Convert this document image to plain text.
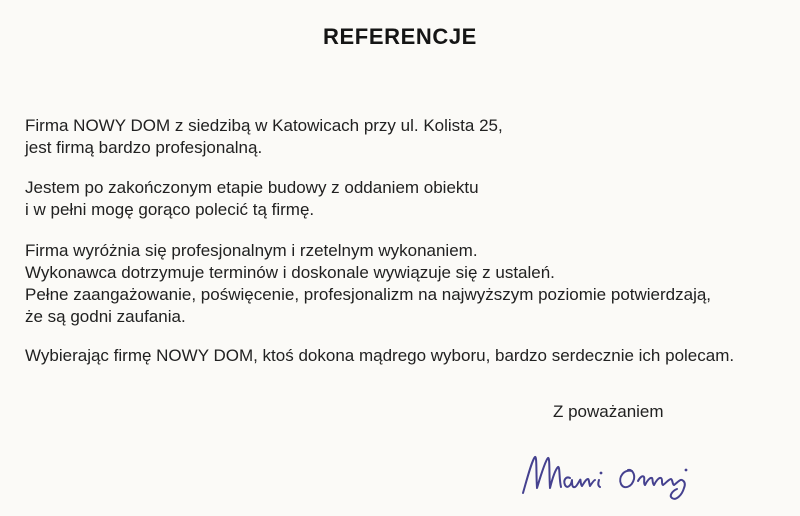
REFERENCJE
Firma NOWY DOM z siedzibą w Katowicach przy ul. Kolista 25,
jest firmą bardzo profesjonalną.
Jestem po zakończonym etapie budowy z oddaniem obiektu
i w pełni mogę gorąco polecić tą firmę.
Firma wyróżnia się profesjonalnym i rzetelnym wykonaniem.
Wykonawca dotrzymuje terminów i doskonale wywiązuje się z ustaleń.
Pełne zaangażowanie, poświęcenie, profesjonalizm na najwyższym poziomie potwierdzają,
że są godni zaufania.
Wybierając firmę NOWY DOM, ktoś dokona mądrego wyboru, bardzo serdecznie ich polecam.
Z poważaniem
